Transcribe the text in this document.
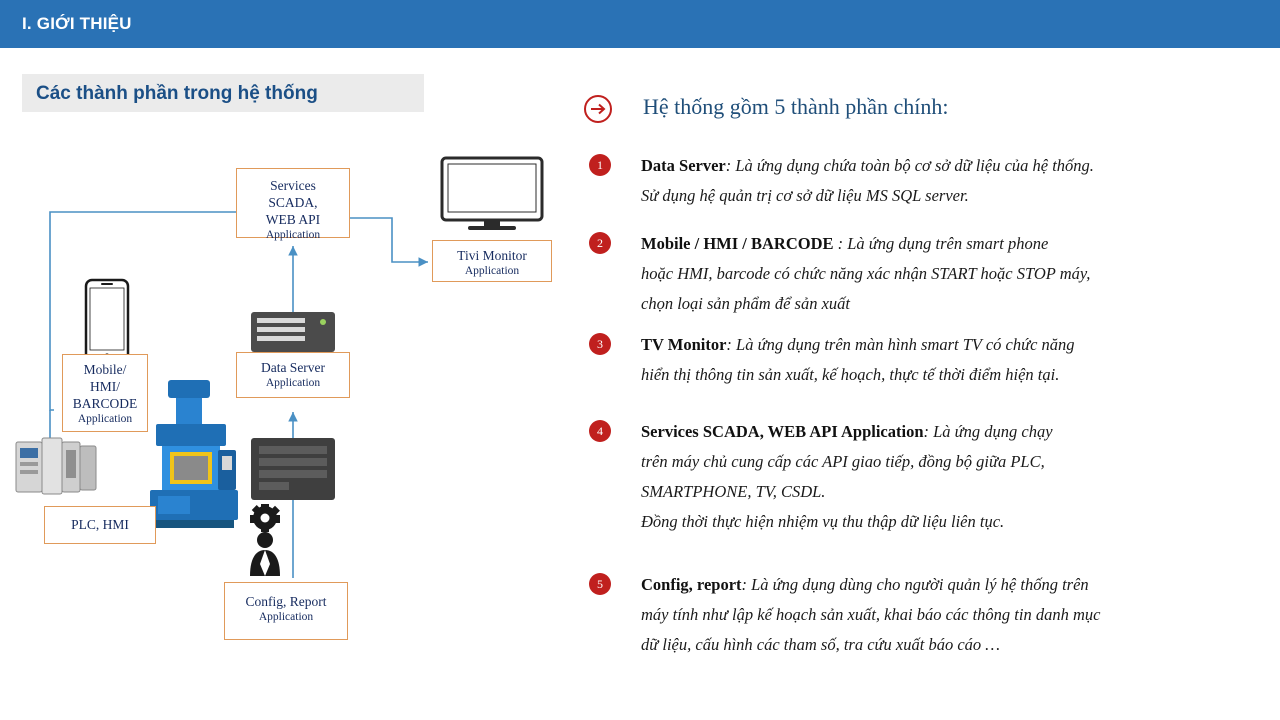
I. GIỚI THIỆU
Các thành phần trong hệ thống
Services
SCADA,
WEB API
Application
Tivi Monitor
Application
Mobile/
HMI/
BARCODE
Application
Data Server
Application
PLC, HMI
Config, Report
Application
Hệ thống gồm 5 thành phần chính:
1	Data Server: Là ứng dụng chứa toàn bộ cơ sở dữ liệu của hệ thống.
Sử dụng hệ quản trị cơ sở dữ liệu MS SQL server.
2	Mobile / HMI / BARCODE : Là ứng dụng trên smart phone
hoặc HMI, barcode có chức năng xác nhận START hoặc STOP máy,
chọn loại sản phẩm để sản xuất
3	TV Monitor: Là ứng dụng trên màn hình smart TV có chức năng
hiển thị thông tin sản xuất, kế hoạch, thực tế thời điểm hiện tại.
4	Services SCADA, WEB API Application: Là ứng dụng chạy
trên máy chủ cung cấp các API giao tiếp, đồng bộ giữa PLC,
SMARTPHONE, TV, CSDL.
Đồng thời thực hiện nhiệm vụ thu thập dữ liệu liên tục.
5	Config, report: Là ứng dụng dùng cho người quản lý hệ thống trên
máy tính như lập kế hoạch sản xuất, khai báo các thông tin danh mục
dữ liệu, cấu hình các tham số, tra cứu xuất báo cáo …
